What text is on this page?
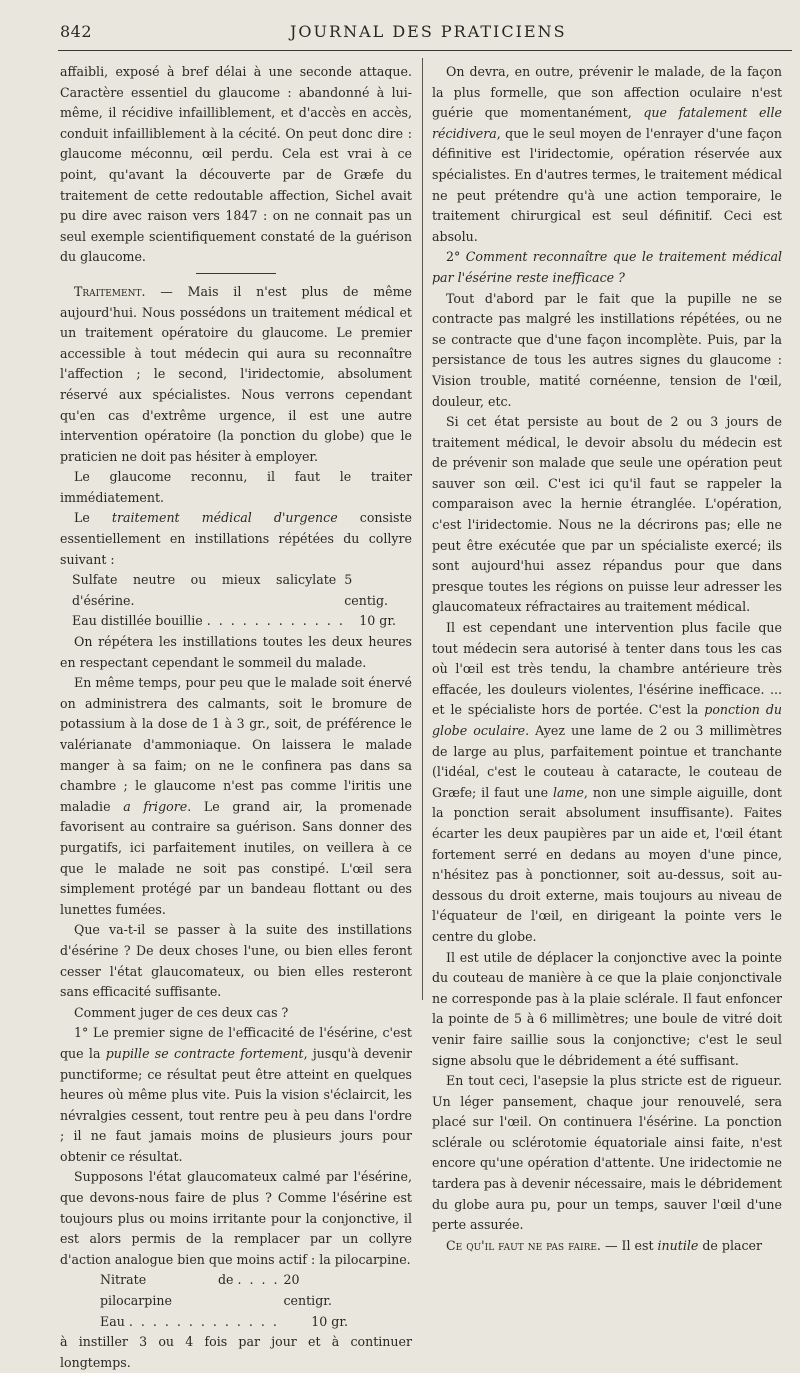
842	JOURNAL DES PRATICIENS

affaibli, exposé à bref délai à une seconde attaque. Caractère essentiel du glaucome : abandonné à lui-même, il récidive infailliblement, et d'accès en accès, conduit infailliblement à la cécité. On peut donc dire : glaucome méconnu, œil perdu. Cela est vrai à ce point, qu'avant la découverte par de Græfe du traitement de cette redoutable affection, Sichel avait pu dire avec raison vers 1847 : on ne connait pas un seul exemple scientifiquement constaté de la guérison du glaucome.

Traitement. — Mais il n'est plus de même aujourd'hui. Nous possédons un traitement médical et un traitement opératoire du glaucome. Le premier accessible à tout médecin qui aura su reconnaître l'affection ; le second, l'iridectomie, absolument réservé aux spécialistes. Nous verrons cependant qu'en cas d'extrême urgence, il est une autre intervention opératoire (la ponction du globe) que le praticien ne doit pas hésiter à employer.

Le glaucome reconnu, il faut le traiter immédiatement.

Le traitement médical d'urgence consiste essentiellement en instillations répétées du collyre suivant :

Sulfate neutre ou mieux salicylate d'ésérine.
5 centig.
Eau distillée bouillie . . . . . . . . . . . .	10 gr.

On répétera les instillations toutes les deux heures en respectant cependant le sommeil du malade.

En même temps, pour peu que le malade soit énervé on administrera des calmants, soit le bromure de potassium à la dose de 1 à 3 gr., soit, de préférence le valérianate d'ammoniaque. On laissera le malade manger à sa faim; on ne le confinera pas dans sa chambre ; le glaucome n'est pas comme l'iritis une maladie a frigore. Le grand air, la promenade favorisent au contraire sa guérison. Sans donner des purgatifs, ici parfaitement inutiles, on veillera à ce que le malade ne soit pas constipé. L'œil sera simplement protégé par un bandeau flottant ou des lunettes fumées.

Que va-t-il se passer à la suite des instillations d'ésérine ? De deux choses l'une, ou bien elles feront cesser l'état glaucomateux, ou bien elles resteront sans efficacité suffisante.

Comment juger de ces deux cas ?

1° Le premier signe de l'efficacité de l'ésérine, c'est que la pupille se contracte fortement, jusqu'à devenir punctiforme; ce résultat peut être atteint en quelques heures où même plus vite. Puis la vision s'éclaircit, les névralgies cessent, tout rentre peu à peu dans l'ordre ; il ne faut jamais moins de plusieurs jours pour obtenir ce résultat.

Supposons l'état glaucomateux calmé par l'ésérine, que devons-nous faire de plus ? Comme l'ésérine est toujours plus ou moins irritante pour la conjonctive, il est alors permis de la remplacer par un collyre d'action analogue bien que moins actif : la pilocarpine.

Nitrate de pilocarpine
. . . . 20 centigr.
Eau . . . . . . . . . . . . .	10 gr.

à instiller 3 ou 4 fois par jour et à continuer longtemps.

On devra, en outre, prévenir le malade, de la façon la plus formelle, que son affection oculaire n'est guérie que momentanément, que fatalement elle récidivera, que le seul moyen de l'enrayer d'une façon définitive est l'iridectomie, opération réservée aux spécialistes. En d'autres termes, le traitement médical ne peut prétendre qu'à une action temporaire, le traitement chirurgical est seul définitif. Ceci est absolu.

2° Comment reconnaître que le traitement médical par l'ésérine reste inefficace ?

Tout d'abord par le fait que la pupille ne se contracte pas malgré les instillations répétées, ou ne se contracte que d'une façon incomplète. Puis, par la persistance de tous les autres signes du glaucome : Vision trouble, matité cornéenne, tension de l'œil, douleur, etc.

Si cet état persiste au bout de 2 ou 3 jours de traitement médical, le devoir absolu du médecin est de prévenir son malade que seule une opération peut sauver son œil. C'est ici qu'il faut se rappeler la comparaison avec la hernie étranglée. L'opération, c'est l'iridectomie. Nous ne la décrirons pas; elle ne peut être exécutée que par un spécialiste exercé; ils sont aujourd'hui assez répandus pour que dans presque toutes les régions on puisse leur adresser les glaucomateux réfractaires au traitement médical.

Il est cependant une intervention plus facile que tout médecin sera autorisé à tenter dans tous les cas où l'œil est très tendu, la chambre antérieure très effacée, les douleurs violentes, l'ésérine inefficace. ... et le spécialiste hors de portée. C'est la ponction du globe oculaire. Ayez une lame de 2 ou 3 millimètres de large au plus, parfaitement pointue et tranchante (l'idéal, c'est le couteau à cataracte, le couteau de Græfe; il faut une lame, non une simple aiguille, dont la ponction serait absolument insuffisante). Faites écarter les deux paupières par un aide et, l'œil étant fortement serré en dedans au moyen d'une pince, n'hésitez pas à ponctionner, soit au-dessus, soit au-dessous du droit externe, mais toujours au niveau de l'équateur de l'œil, en dirigeant la pointe vers le centre du globe.

Il est utile de déplacer la conjonctive avec la pointe du couteau de manière à ce que la plaie conjonctivale ne corresponde pas à la plaie sclérale. Il faut enfoncer la pointe de 5 à 6 millimètres; une boule de vitré doit venir faire saillie sous la conjonctive; c'est le seul signe absolu que le débridement a été suffisant.

En tout ceci, l'asepsie la plus stricte est de rigueur. Un léger pansement, chaque jour renouvelé, sera placé sur l'œil. On continuera l'ésérine. La ponction sclérale ou sclérotomie équatoriale ainsi faite, n'est encore qu'une opération d'attente. Une iridectomie ne tardera pas à devenir nécessaire, mais le débridement du globe aura pu, pour un temps, sauver l'œil d'une perte assurée.

Ce qu'il faut ne pas faire. — Il est inutile de placer
